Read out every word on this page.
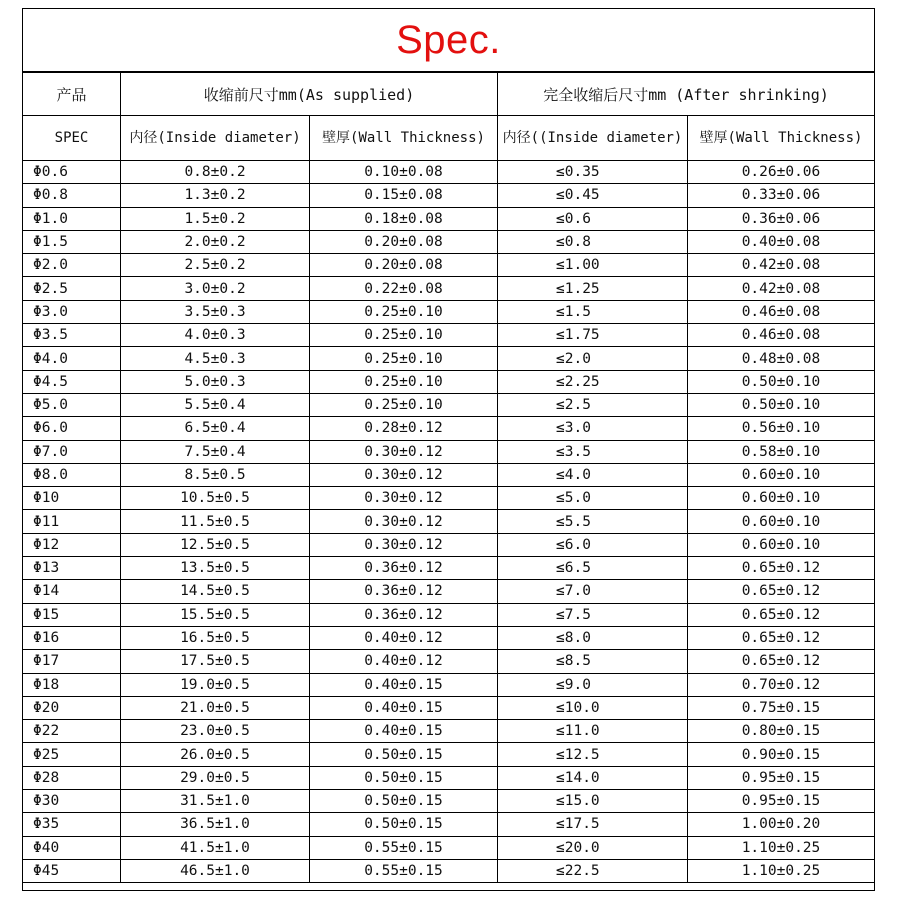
Spec.
产品	收缩前尺寸mm(As supplied)		完全收缩后尺寸mm (After shrinking)	
SPEC	内径(Inside diameter)	壁厚(Wall Thickness)	内径((Inside diameter)	壁厚(Wall Thickness)
Φ0.6	0.8±0.2	0.10±0.08	≤0.35	0.26±0.06
Φ0.8	1.3±0.2	0.15±0.08	≤0.45	0.33±0.06
Φ1.0	1.5±0.2	0.18±0.08	≤0.6	0.36±0.06
Φ1.5	2.0±0.2	0.20±0.08	≤0.8	0.40±0.08
Φ2.0	2.5±0.2	0.20±0.08	≤1.00	0.42±0.08
Φ2.5	3.0±0.2	0.22±0.08	≤1.25	0.42±0.08
Φ3.0	3.5±0.3	0.25±0.10	≤1.5	0.46±0.08
Φ3.5	4.0±0.3	0.25±0.10	≤1.75	0.46±0.08
Φ4.0	4.5±0.3	0.25±0.10	≤2.0	0.48±0.08
Φ4.5	5.0±0.3	0.25±0.10	≤2.25	0.50±0.10
Φ5.0	5.5±0.4	0.25±0.10	≤2.5	0.50±0.10
Φ6.0	6.5±0.4	0.28±0.12	≤3.0	0.56±0.10
Φ7.0	7.5±0.4	0.30±0.12	≤3.5	0.58±0.10
Φ8.0	8.5±0.5	0.30±0.12	≤4.0	0.60±0.10
Φ10	10.5±0.5	0.30±0.12	≤5.0	0.60±0.10
Φ11	11.5±0.5	0.30±0.12	≤5.5	0.60±0.10
Φ12	12.5±0.5	0.30±0.12	≤6.0	0.60±0.10
Φ13	13.5±0.5	0.36±0.12	≤6.5	0.65±0.12
Φ14	14.5±0.5	0.36±0.12	≤7.0	0.65±0.12
Φ15	15.5±0.5	0.36±0.12	≤7.5	0.65±0.12
Φ16	16.5±0.5	0.40±0.12	≤8.0	0.65±0.12
Φ17	17.5±0.5	0.40±0.12	≤8.5	0.65±0.12
Φ18	19.0±0.5	0.40±0.15	≤9.0	0.70±0.12
Φ20	21.0±0.5	0.40±0.15	≤10.0	0.75±0.15
Φ22	23.0±0.5	0.40±0.15	≤11.0	0.80±0.15
Φ25	26.0±0.5	0.50±0.15	≤12.5	0.90±0.15
Φ28	29.0±0.5	0.50±0.15	≤14.0	0.95±0.15
Φ30	31.5±1.0	0.50±0.15	≤15.0	0.95±0.15
Φ35	36.5±1.0	0.50±0.15	≤17.5	1.00±0.20
Φ40	41.5±1.0	0.55±0.15	≤20.0	1.10±0.25
Φ45	46.5±1.0	0.55±0.15	≤22.5	1.10±0.25
